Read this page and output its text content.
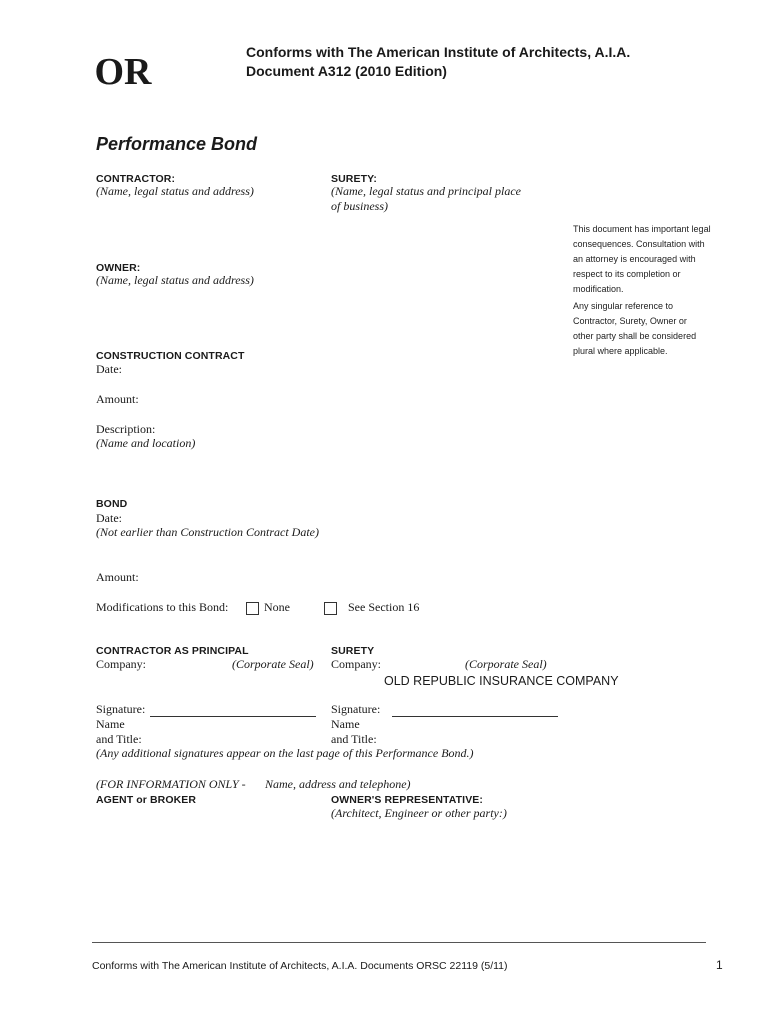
OR	Conforms with The American Institute of Architects, A.I.A.
Document A312 (2010 Edition)
Performance Bond
CONTRACTOR:
(Name, legal status and address)
SURETY:
(Name, legal status and principal place
of business)
This document has important legal
consequences. Consultation with
an attorney is encouraged with
respect to its completion or
modification.
Any singular reference to
Contractor, Surety, Owner or
other party shall be considered
plural where applicable.
OWNER:
(Name, legal status and address)
CONSTRUCTION CONTRACT
Date:
Amount:
Description:
(Name and location)
BOND
Date:
(Not earlier than Construction Contract Date)
Amount:
Modifications to this Bond:	None	See Section 16
CONTRACTOR AS PRINCIPAL
Company:	(Corporate Seal)
SURETY
Company:	(Corporate Seal)
OLD REPUBLIC INSURANCE COMPANY
Signature:
Name
and Title:
Signature:
Name
and Title:
(Any additional signatures appear on the last page of this Performance Bond.)
(FOR INFORMATION ONLY - Name, address and telephone)
AGENT or BROKER	OWNER'S REPRESENTATIVE:
(Architect, Engineer or other party:)
Conforms with The American Institute of Architects, A.I.A. Documents ORSC 22119 (5/11)	1
